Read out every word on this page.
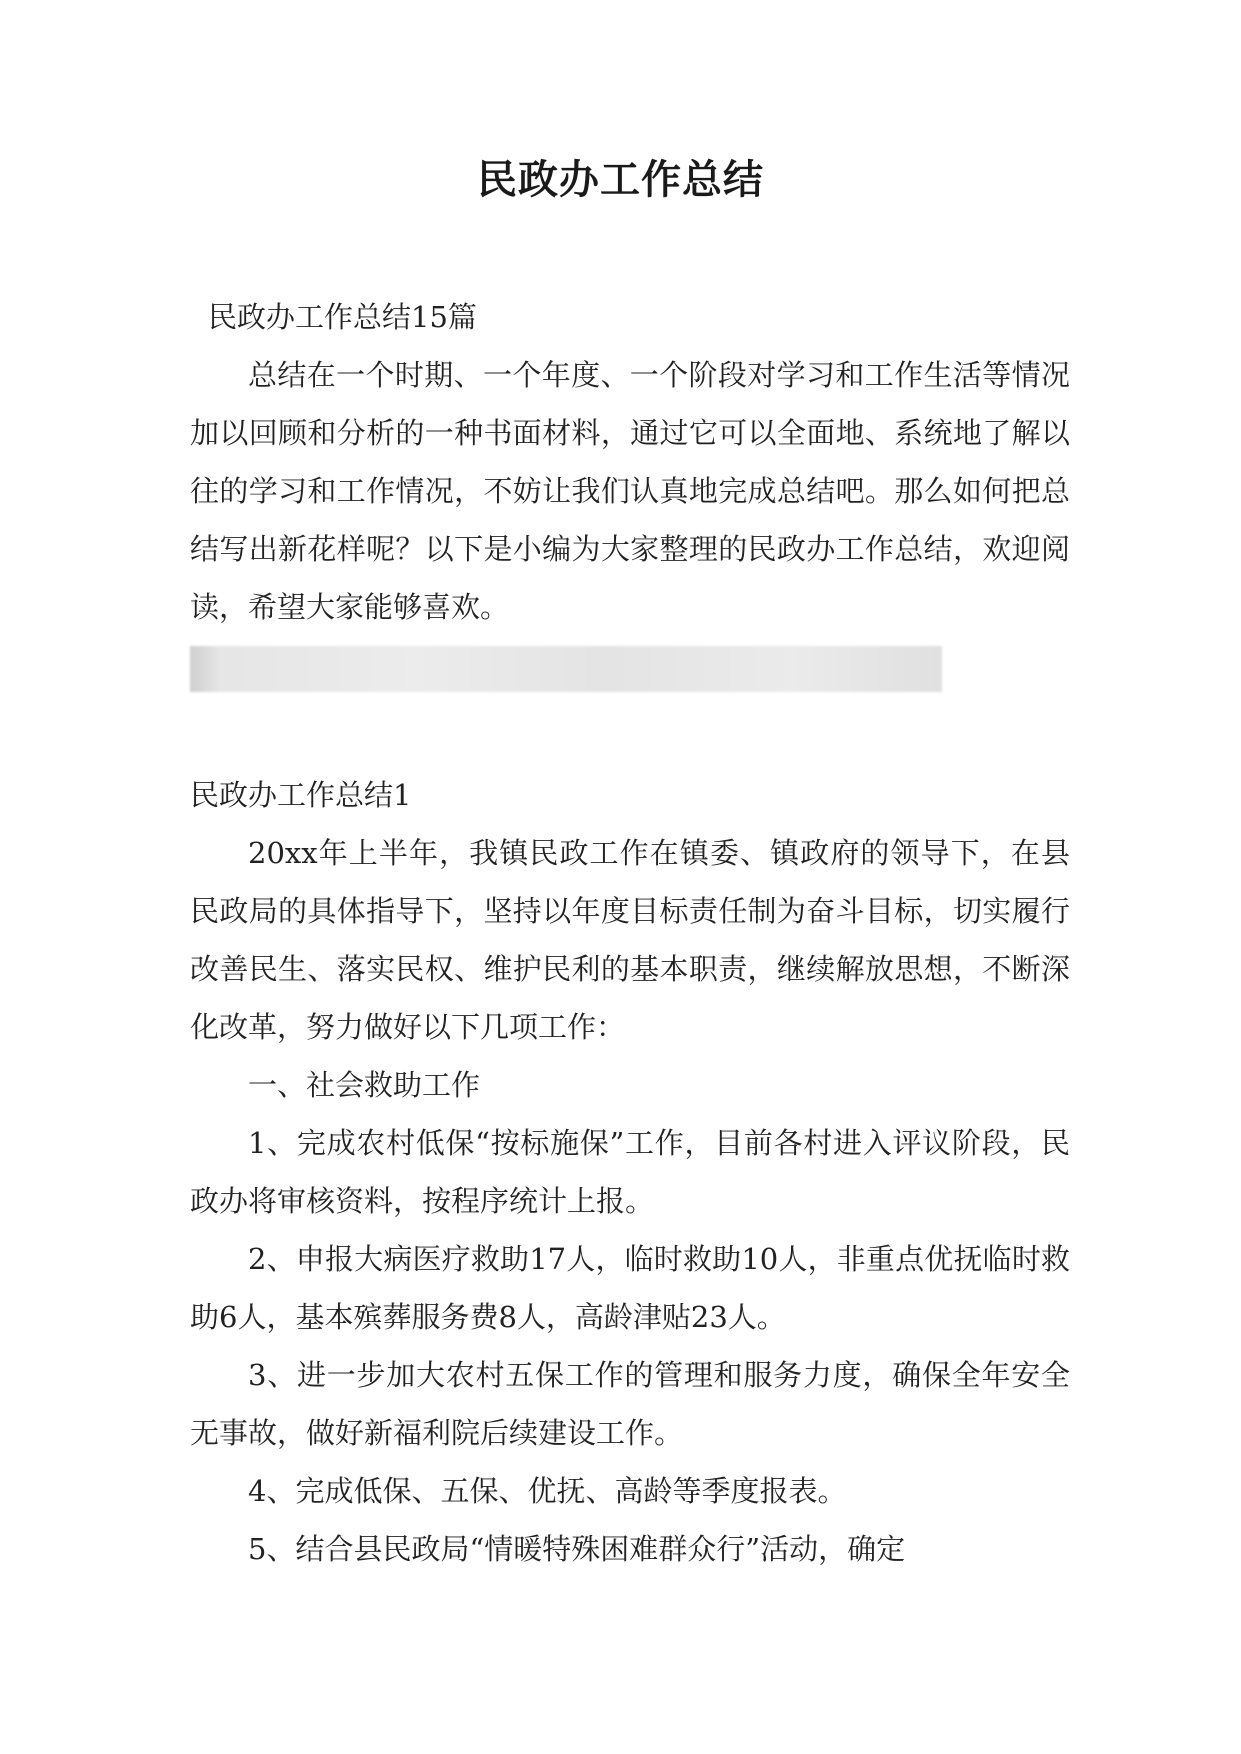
民政办工作总结

民政办工作总结15篇

总结在一个时期、一个年度、一个阶段对学习和工作生活等情况加以回顾和分析的一种书面材料，通过它可以全面地、系统地了解以往的学习和工作情况，不妨让我们认真地完成总结吧。那么如何把总结写出新花样呢？以下是小编为大家整理的民政办工作总结，欢迎阅读，希望大家能够喜欢。

民政办工作总结1

20xx年上半年，我镇民政工作在镇委、镇政府的领导下，在县民政局的具体指导下，坚持以年度目标责任制为奋斗目标，切实履行改善民生、落实民权、维护民利的基本职责，继续解放思想，不断深化改革，努力做好以下几项工作：

一、社会救助工作

1、完成农村低保“按标施保”工作，目前各村进入评议阶段，民政办将审核资料，按程序统计上报。

2、申报大病医疗救助17人，临时救助10人，非重点优抚临时救助6人，基本殡葬服务费8人，高龄津贴23人。

3、进一步加大农村五保工作的管理和服务力度，确保全年安全无事故，做好新福利院后续建设工作。

4、完成低保、五保、优抚、高龄等季度报表。

5、结合县民政局“情暖特殊困难群众行”活动，确定
